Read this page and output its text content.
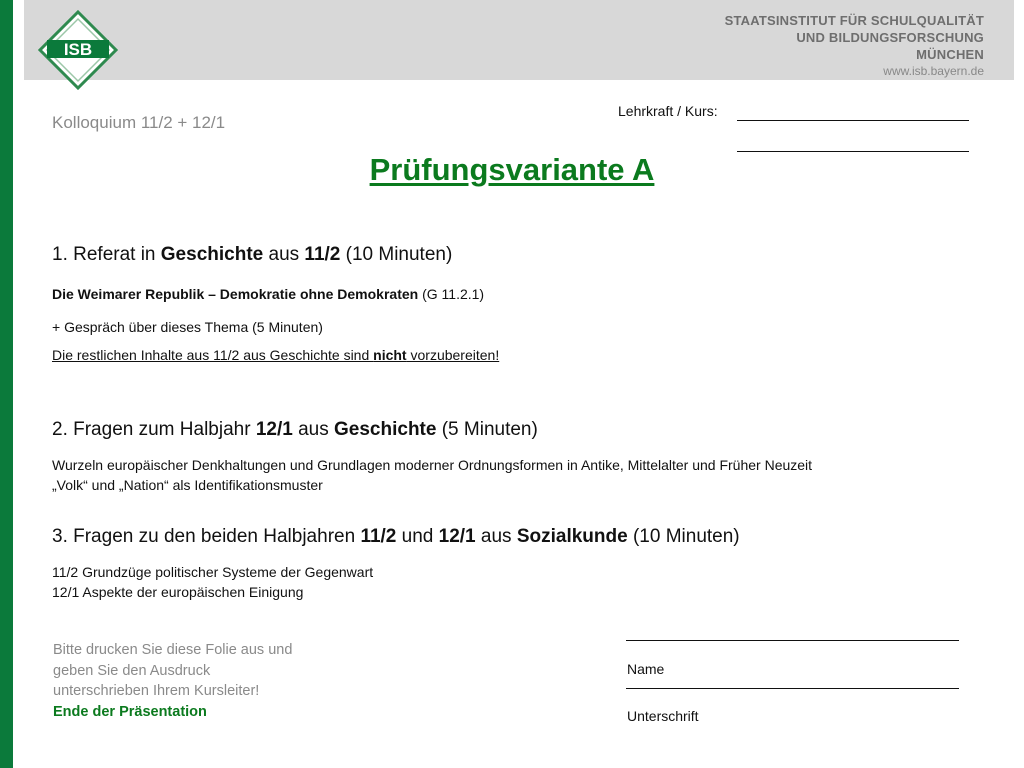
STAATSINSTITUT FÜR SCHULQUALITÄT
UND BILDUNGSFORSCHUNG
MÜNCHEN
www.isb.bayern.de
ISB
Kolloquium 11/2 + 12/1
Lehrkraft / Kurs:
Prüfungsvariante A
1. Referat in Geschichte aus 11/2 (10 Minuten)
Die Weimarer Republik – Demokratie ohne Demokraten (G 11.2.1)
+ Gespräch über dieses Thema (5 Minuten)
Die restlichen Inhalte aus 11/2 aus Geschichte sind nicht vorzubereiten!
2. Fragen zum Halbjahr 12/1 aus Geschichte (5 Minuten)
Wurzeln europäischer Denkhaltungen und Grundlagen moderner Ordnungsformen in Antike, Mittelalter und Früher Neuzeit
„Volk“ und „Nation“ als Identifikationsmuster
3. Fragen zu den beiden Halbjahren 11/2 und 12/1 aus Sozialkunde (10 Minuten)
11/2 Grundzüge politischer Systeme der Gegenwart
12/1 Aspekte der europäischen Einigung
Bitte drucken Sie diese Folie aus und
geben Sie den Ausdruck
unterschrieben Ihrem Kursleiter!
Ende der Präsentation
Name
Unterschrift
